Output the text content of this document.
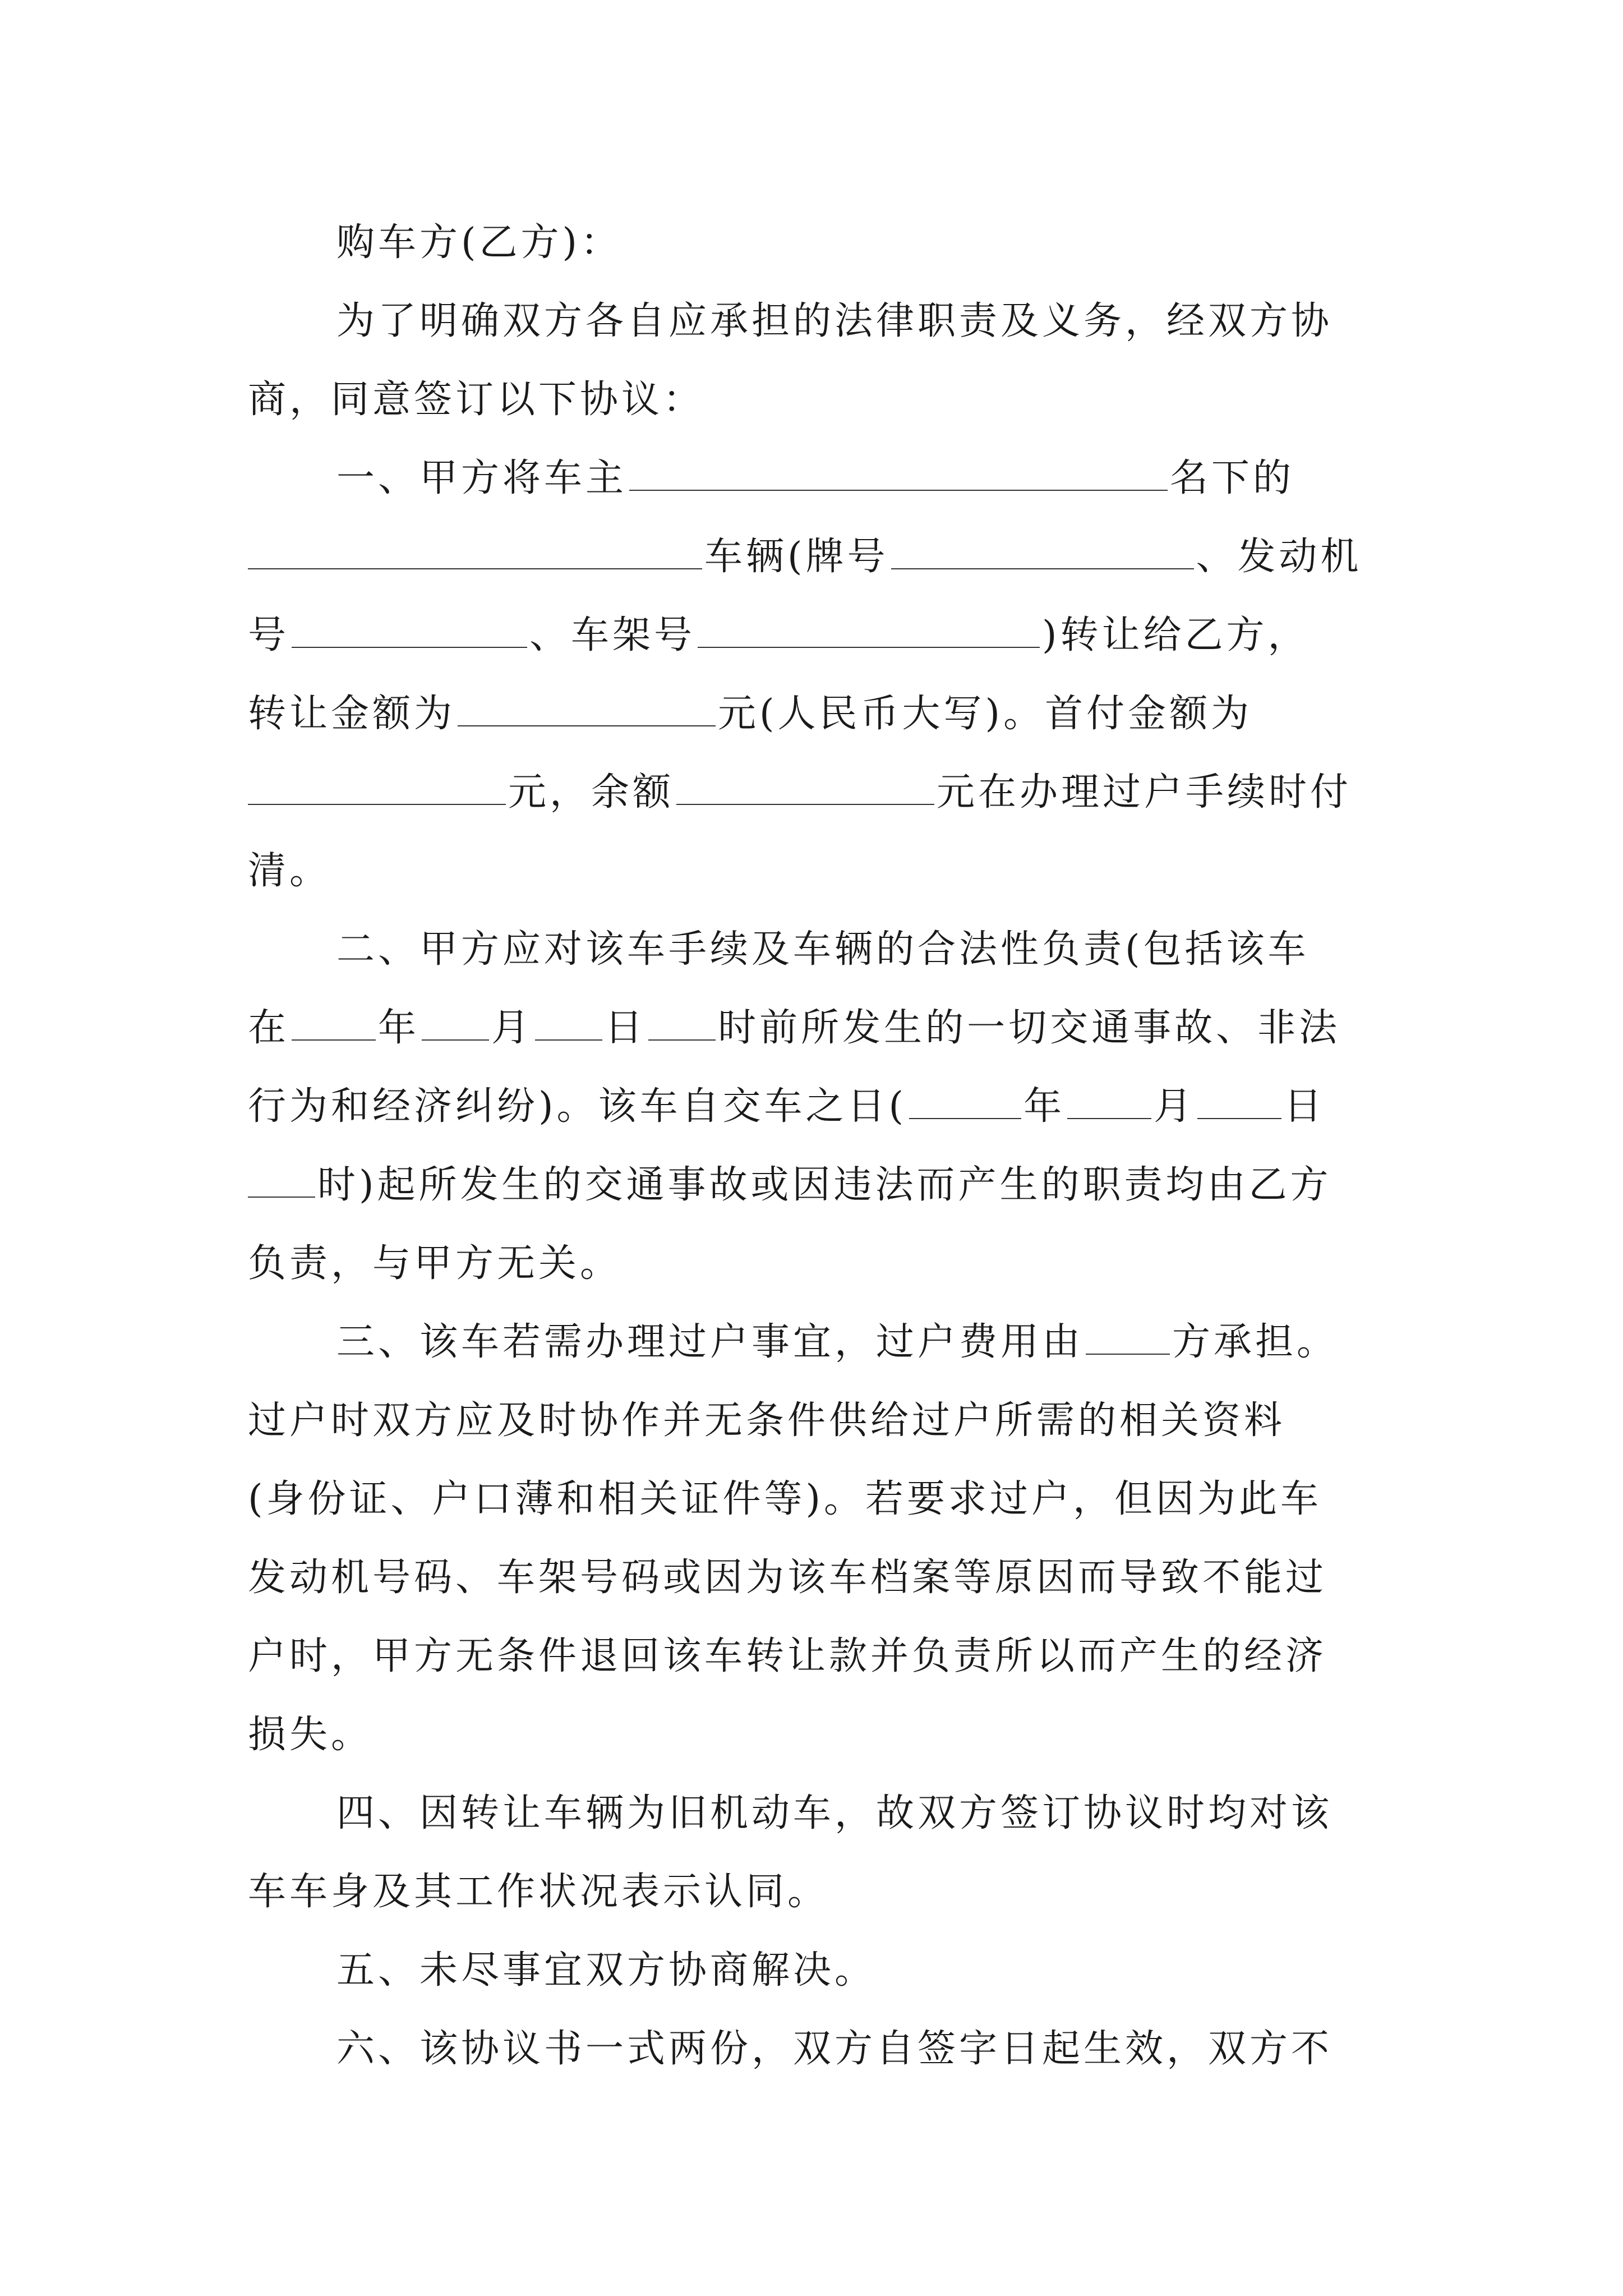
购车方(乙方)：
为了明确双方各自应承担的法律职责及义务，经双方协
商，同意签订以下协议：
一、甲方将车主	名下的
车辆(牌号	、发动机
号	、车架号	)转让给乙方，
转让金额为	元(人民币大写)。首付金额为
元，余额	元在办理过户手续时付
清。
二、甲方应对该车手续及车辆的合法性负责(包括该车
在 年 月 日 时前所发生的一切交通事故、非法
行为和经济纠纷)。该车自交车之日(	年 月 日
时)起所发生的交通事故或因违法而产生的职责均由乙方
负责，与甲方无关。
三、该车若需办理过户事宜，过户费用由 方承担。
过户时双方应及时协作并无条件供给过户所需的相关资料
(身份证、户口薄和相关证件等)。若要求过户，但因为此车
发动机号码、车架号码或因为该车档案等原因而导致不能过
户时，甲方无条件退回该车转让款并负责所以而产生的经济
损失。
四、因转让车辆为旧机动车，故双方签订协议时均对该
车车身及其工作状况表示认同。
五、未尽事宜双方协商解决。
六、该协议书一式两份，双方自签字日起生效，双方不
